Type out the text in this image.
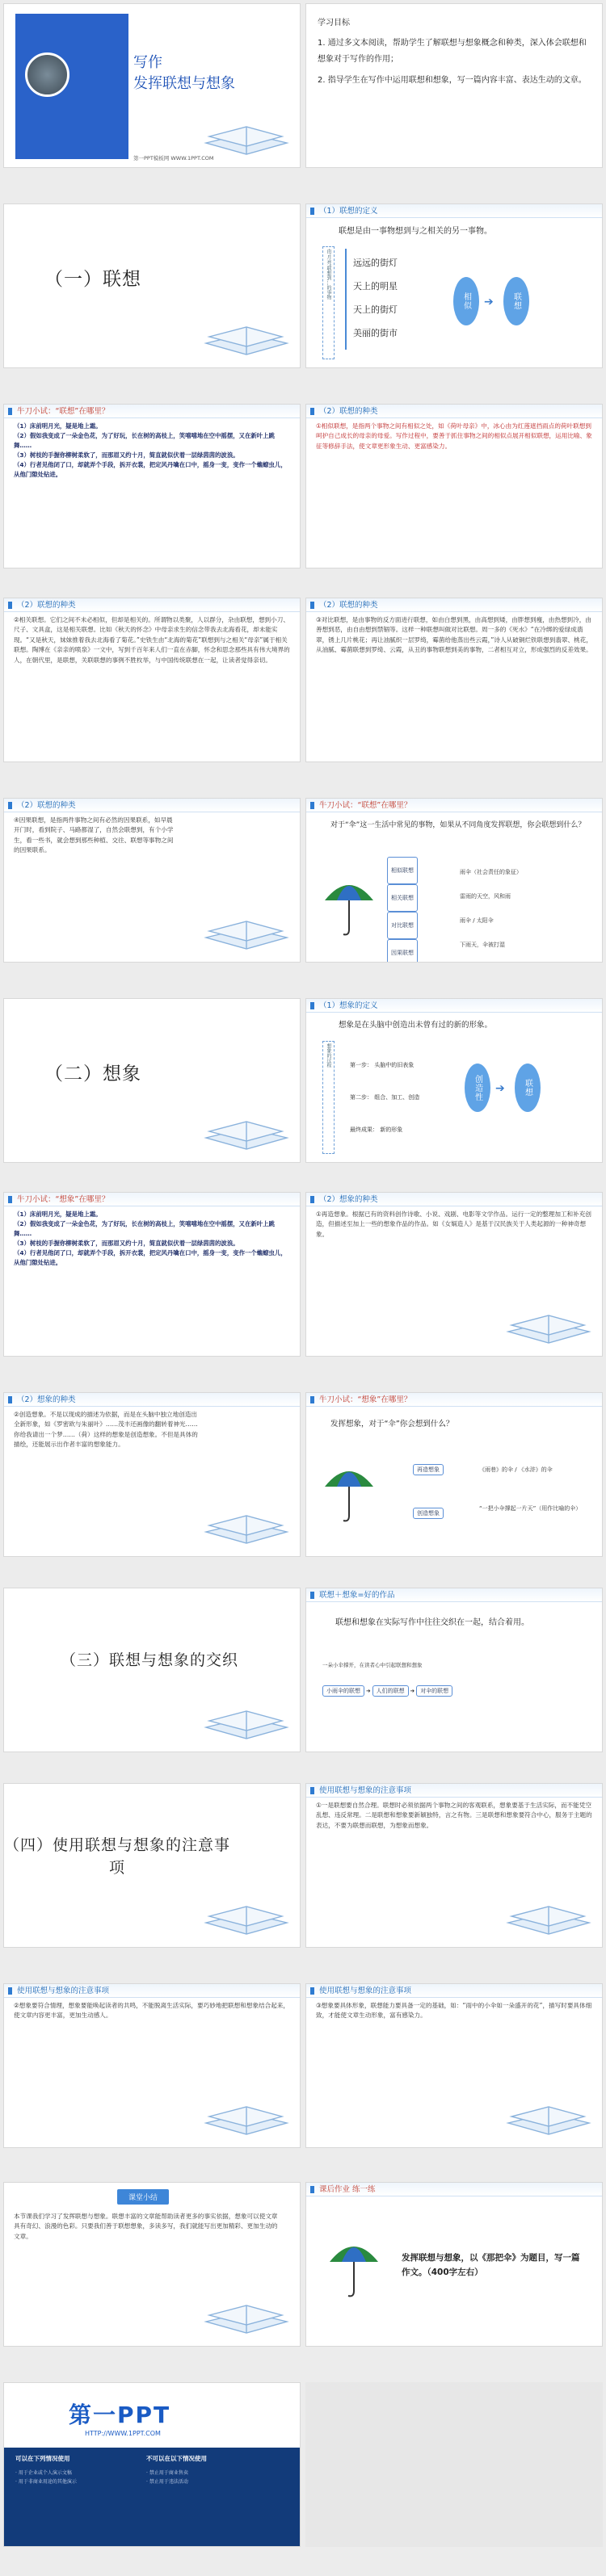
写作
发挥联想与想象
第一PPT模板网 WWW.1PPT.COM
学习目标
1. 通过多文本阅读，帮助学生了解联想与想象概念和种类，深入体会联想和想象对于写作的作用；
2. 指导学生在写作中运用联想和想象，写一篇内容丰富、表达生动的文章。
（一）联想
（1）联想的定义
联想是由一事物想到与之相关的另一事物。
由'月亮'联想到…的事物	远远的街灯
天上的明星
天上的街灯
美丽的街市
相似	➔	联想
牛刀小试：“联想”在哪里？
（1）床前明月光，疑是地上霜。
（2）假如我变成了一朵金色花，为了好玩，长在树的高枝上，笑嘻嘻地在空中摇摆，又在新叶上跳舞……
（3）树枝的手握你柳树柔软了，而那眉又约十月，简直就似伏着一层绿茵茵的波浪。
（4）行者见他闭了口，却就弄个手段，拆开衣裳，把定风丹噙在口中，摇身一变，变作一个蟭蟟虫儿，从他门隙处钻进。
（2）联想的种类
①相似联想，是指两个事物之间有相似之处，如《荷叶母亲》中，冰心由为红莲遮挡雨点的荷叶联想到呵护自己成长的母亲的母爱。写作过程中，要善于抓住事物之间的相似点展开相似联想，运用比喻、象征等修辞手法，使文章更形象生动、更富感染力。
（2）联想的种类
②相关联想。它们之间不未必相似，但却是相关的。所谓物以类聚，人以群分，杂由联想，想到小刀、尺子、文具盒，这是相关联想。比如《秋天的怀念》中母亲求生的信念带我去北海看花，却未能实现。“又是秋天，妹妹推着我去北海看了菊花。”史铁生由“北海的菊花”联想到与之相关“母亲”属于相关联想。陶博在《亲亲的喷泉》一文中，写到千百年来人们一直在赤脚，怀念和思念那些具有伟大境界的人，在朝代里，是联想，关联联想的事例不胜枚举，与中国传统联想在一起，让读者觉得亲切。
（2）联想的种类
③对比联想，是由事物的反方面进行联想，如由白想到黑，由高想到矮，由胖想到瘦，由热想到冷，由善想到恶，由自由想到禁锢等。这样一种联想叫做对比联想。周一多的《死水》“在冷绑的爱绿成翡翠，锈上几片桃花；再让油腻织一层罗绮，霉菌给他蒸出些云霞，”诗人从破铜烂铁联想到翡翠、桃花，从油腻、霉菌联想到罗绮、云霞，从丑的事物联想到美的事物，二者相互对立，形成强烈的反差效果。
（2）联想的种类
④因果联想，是指两件事物之间有必然的因果联系，如早晨开门时，看到院子、马路都湿了，自然会联想到，有个小学生，看一些书，就会想到那些种植、交往、联想等事物之间的因果联系。
牛刀小试：“联想”在哪里？
对于“伞”这一生活中常见的事物，如果从不同角度发挥联想，你会联想到什么？
相似联想
相关联想
对比联想
因果联想
雨伞（社会责任的象征）
雷雨的天空，风和雨
雨伞 / 太阳伞
下雨天，伞被打湿
（二）想象
（1）想象的定义
想象是在头脑中创造出未曾有过的新的形象。
想象的过程	第一步： 头脑中的旧表象
第二步： 组合、加工、创造
最终成果： 新的形象
创造性	➔	联想
牛刀小试：“想象”在哪里？
（1）床前明月光，疑是地上霜。
（2）假如我变成了一朵金色花，为了好玩，长在树的高枝上，笑嘻嘻地在空中摇摆，又在新叶上跳舞……
（3）树枝的手握你柳树柔软了，而那眉又约十月，简直就似伏着一层绿茵茵的波浪。
（4）行者见他闭了口，却就弄个手段，拆开衣裳，把定风丹噙在口中，摇身一变，变作一个蟭蟟虫儿，从他门隙处钻进。
（2）想象的种类
①再造想象。根据已有的资料创作诗歌、小说、戏剧、电影等文学作品。运行一定的整理加工和补充创造，但描述至加上一些的想象作品的作品。如《女娲造人》是基于汉民族关于人类起源的一种神奇想象。
（2）想象的种类
②创造想象。不是以现成的描述为依据，而是在头脑中独立地创造出全新形象，如《罗密欧与朱丽叶》……茂丰还画像的翻转着神光……你给我请出一个梦……（荷）这样的想象是创造想象。不但是具体的描绘，还能展示出作者丰富的想象能力。
牛刀小试：“想象”在哪里？
发挥想象，对于“伞”你会想到什么？
再造想象	《雨巷》的伞 / 《水浒》的伞
创造想象
“一把小伞撑起一片天”（用作比喻的伞）
（三）联想与想象的交织
联想＋想象=好的作品
联想和想象在实际写作中往往交织在一起，结合着用。
一朵小伞撑开，在读者心中引起联想和想象
小雨伞的联想 ➔ 人们的联想 ➔ 对伞的联想
（四）使用联想与想象的注意事项
使用联想与想象的注意事项
①一是联想要自然合理。联想时必须依据两个事物之间的客观联系，想象要基于生活实际，而不能凭空乱想、违反常理。二是联想和想象要新颖独特，言之有物。三是联想和想象要符合中心，服务于主题的表达，不要为联想而联想，为想象而想象。
使用联想与想象的注意事项
②想象要符合情理，想象要能唤起读者的共鸣，不能脱离生活实际，要巧妙地把联想和想象结合起来，使文章内容更丰富，更加生动感人。
使用联想与想象的注意事项
③想象要具体形象，联想能力要具备一定的基础，如：“雨中的小伞如一朵盛开的花”，描写时要具体细致，才能使文章生动形象，富有感染力。
课堂小结
本节课我们学习了发挥联想与想象。联想丰富的文章能帮助读者更多的事实依据，想象可以使文章具有奇幻、浪漫的色彩。只要我们善于联想想象，多读多写，我们就能写出更加精彩、更加生动的文章。
课后作业 练一练
发挥联想与想象，以《那把伞》为题目，写一篇作文。（400字左右）
第一PPT
HTTP://WWW.1PPT.COM
可以在下列情况使用	不可以在以下情况使用
· 用于企业或个人演示文稿
· 用于非商业用途的其他演示
· 禁止用于商业售卖
· 禁止用于违法活动
